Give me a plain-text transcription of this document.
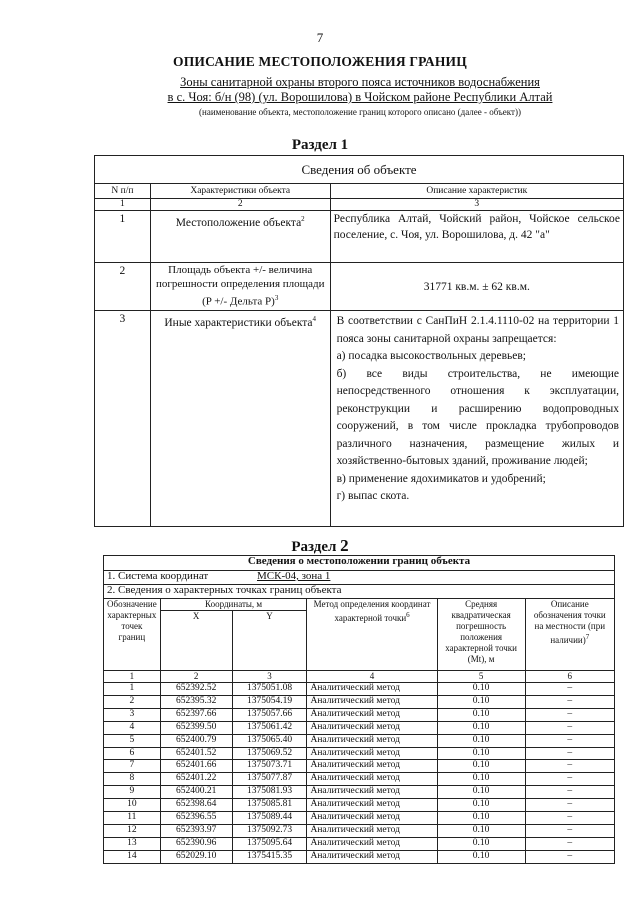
7
ОПИСАНИЕ МЕСТОПОЛОЖЕНИЯ ГРАНИЦ
Зоны санитарной охраны второго пояса источников водоснабжения
в с. Чоя: б/н (98) (ул. Ворошилова) в Чойском районе Республики Алтай
(наименование объекта, местоположение границ которого описано (далее - объект))
Раздел 1
Сведения об объекте		
N п/п	Характеристики объекта	Описание характеристик
1	2	3
1	Местоположение объекта$^2$	Республика Алтай, Чойский район, Чойское сельское поселение, с. Чоя, ул. Ворошилова, д. 42 "а"
2	Площадь объекта +/- величина погрешности определения площади (P +/- Дельта P)$^3$	31771 кв.м. ± 62 кв.м.
3	Иные характеристики объекта$^4$	В соответствии с СанПиН 2.1.4.1110-02 на территории 1 пояса зоны санитарной охраны запрещается:
а) посадка высокоствольных деревьев;
б) все виды строительства, не имеющие непосредственного отношения к эксплуатации, реконструкции и расширению водопроводных сооружений, в том числе прокладка трубопроводов различного назначения, размещение жилых и хозяйственно-бытовых зданий, проживание людей;
в) применение ядохимикатов и удобрений;
г) выпас скота.
Раздел 2
Сведения о местоположении границ объекта					
1. Система координат МСК-04, зона 1					
2. Сведения о характерных точках границ объекта					
Обозначение характерных точек границ	Координаты, м		Метод определения координат характерной точки$^6$	Средняя квадратическая погрешность положения характерной точки (Mt), м	Описание обозначения точки на местности (при наличии)$^7$
	X	Y			
1	2	3	4	5	6
1	652392.52	1375051.08	Аналитический метод	0.10	–
2	652395.32	1375054.19	Аналитический метод	0.10	–
3	652397.66	1375057.66	Аналитический метод	0.10	–
4	652399.50	1375061.42	Аналитический метод	0.10	–
5	652400.79	1375065.40	Аналитический метод	0.10	–
6	652401.52	1375069.52	Аналитический метод	0.10	–
7	652401.66	1375073.71	Аналитический метод	0.10	–
8	652401.22	1375077.87	Аналитический метод	0.10	–
9	652400.21	1375081.93	Аналитический метод	0.10	–
10	652398.64	1375085.81	Аналитический метод	0.10	–
11	652396.55	1375089.44	Аналитический метод	0.10	–
12	652393.97	1375092.73	Аналитический метод	0.10	–
13	652390.96	1375095.64	Аналитический метод	0.10	–
14	652029.10	1375415.35	Аналитический метод	0.10	–
